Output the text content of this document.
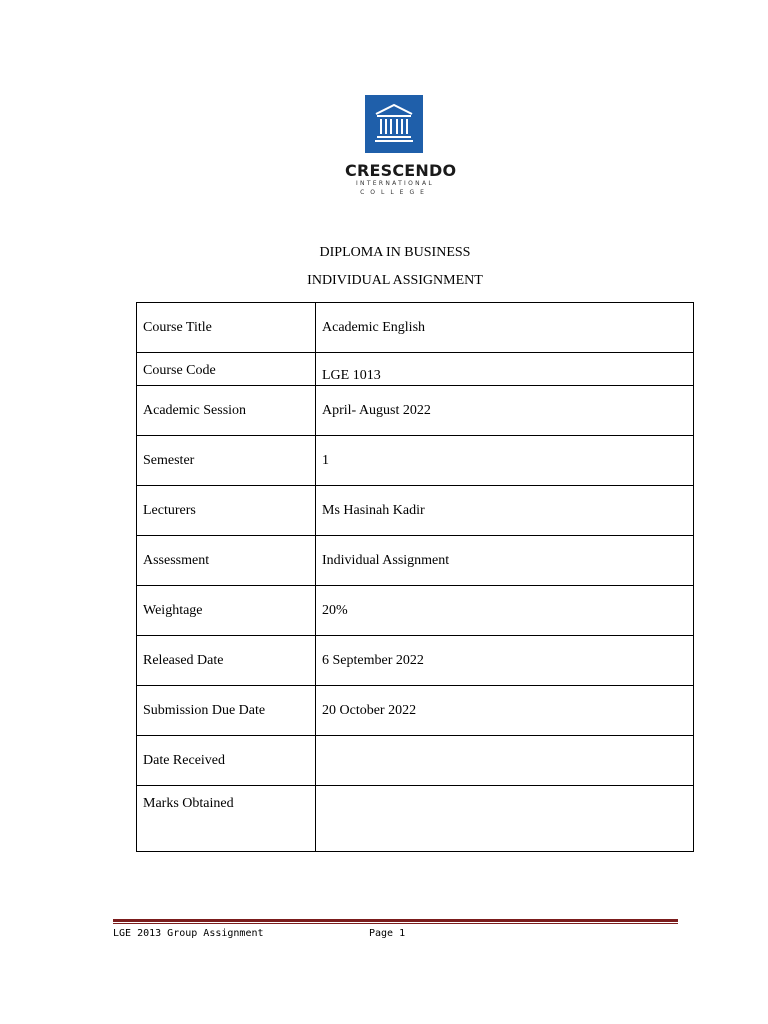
CRESCENDO
INTERNATIONAL
COLLEGE
DIPLOMA IN BUSINESS
INDIVIDUAL ASSIGNMENT
Course Title	Academic English
Course Code	LGE 1013
Academic Session	April- August 2022
Semester	1
Lecturers	Ms Hasinah Kadir
Assessment	Individual Assignment
Weightage	20%
Released Date	6 September 2022
Submission Due Date	20 October 2022
Date Received	
Marks Obtained	
LGE 2013 Group Assignment	Page 1
